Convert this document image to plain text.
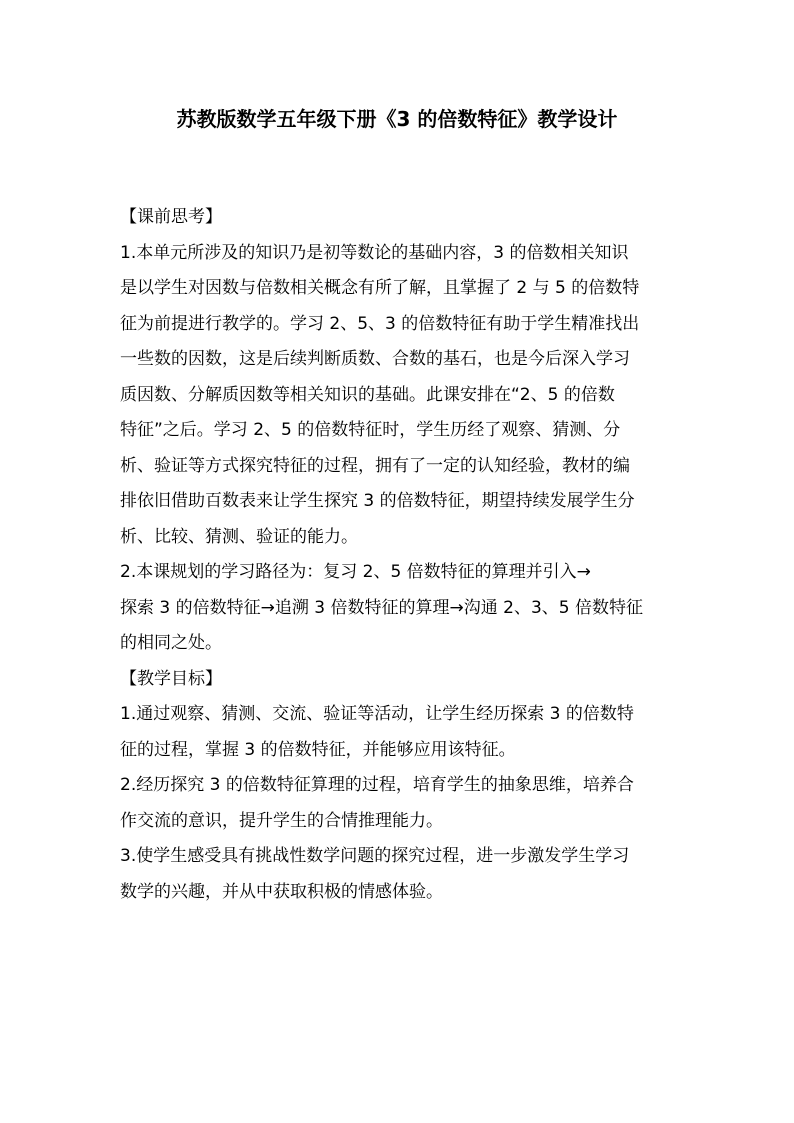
苏教版数学五年级下册《3 的倍数特征》教学设计

【课前思考】

1.本单元所涉及的知识乃是初等数论的基础内容，3 的倍数相关知识

是以学生对因数与倍数相关概念有所了解，且掌握了 2 与 5 的倍数特

征为前提进行教学的。学习 2、5、3 的倍数特征有助于学生精准找出

一些数的因数，这是后续判断质数、合数的基石，也是今后深入学习

质因数、分解质因数等相关知识的基础。此课安排在“2、5 的倍数

特征”之后。学习 2、5 的倍数特征时，学生历经了观察、猜测、分

析、验证等方式探究特征的过程，拥有了一定的认知经验，教材的编

排依旧借助百数表来让学生探究 3 的倍数特征，期望持续发展学生分

析、比较、猜测、验证的能力。

2.本课规划的学习路径为：复习 2、5 倍数特征的算理并引入→

探索 3 的倍数特征→追溯 3 倍数特征的算理→沟通 2、3、5 倍数特征

的相同之处。

【教学目标】

1.通过观察、猜测、交流、验证等活动，让学生经历探索 3 的倍数特

征的过程，掌握 3 的倍数特征，并能够应用该特征。

2.经历探究 3 的倍数特征算理的过程，培育学生的抽象思维，培养合

作交流的意识，提升学生的合情推理能力。

3.使学生感受具有挑战性数学问题的探究过程，进一步激发学生学习

数学的兴趣，并从中获取积极的情感体验。
